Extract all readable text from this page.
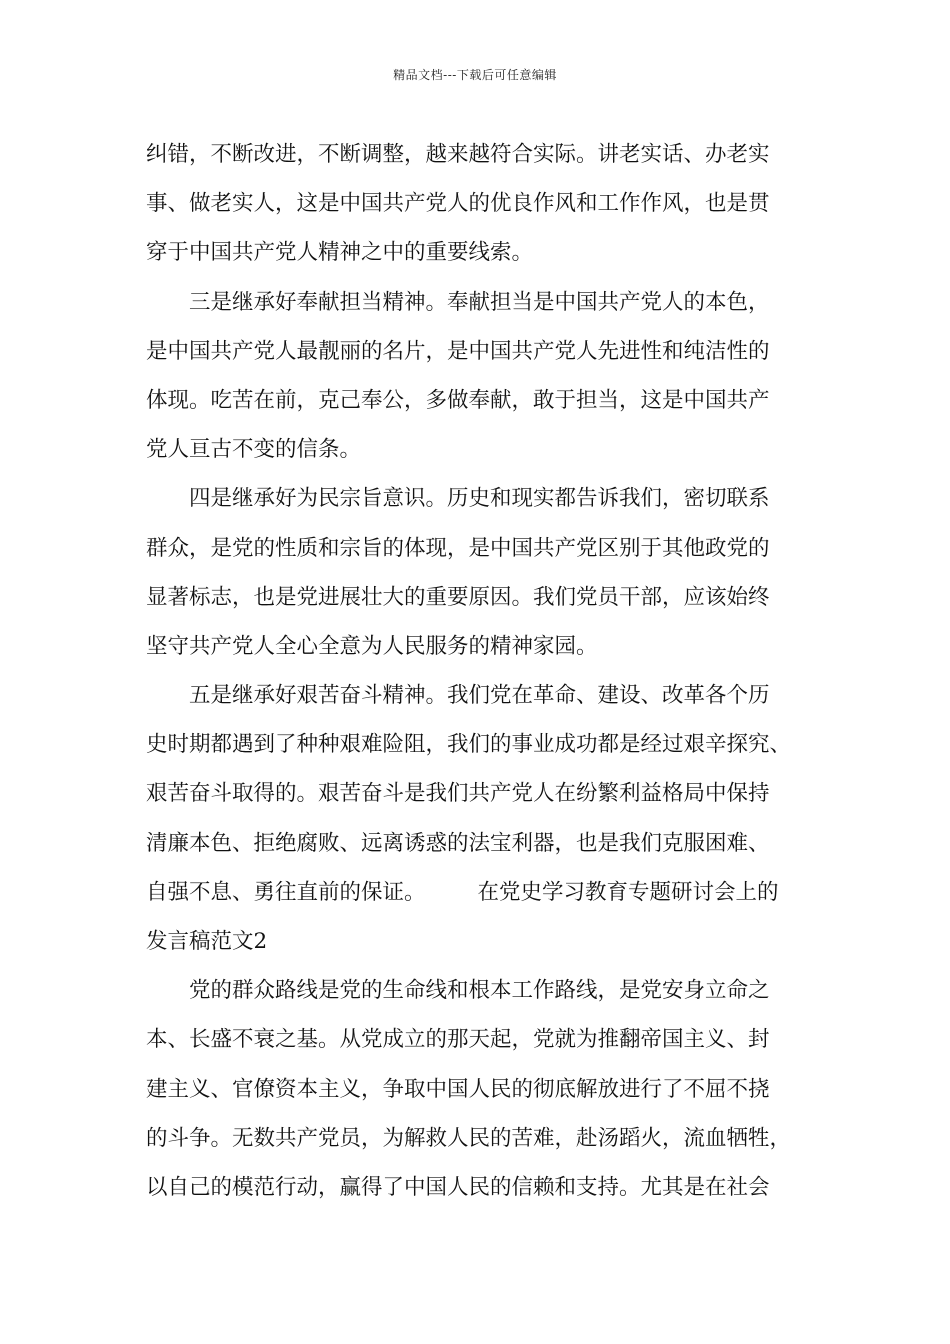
精品文档---下载后可任意编辑
纠错，不断改进，不断调整，越来越符合实际。讲老实话、办老实
事、做老实人，这是中国共产党人的优良作风和工作作风，也是贯
穿于中国共产党人精神之中的重要线索。
三是继承好奉献担当精神。奉献担当是中国共产党人的本色，
是中国共产党人最靓丽的名片，是中国共产党人先进性和纯洁性的
体现。吃苦在前，克己奉公，多做奉献，敢于担当，这是中国共产
党人亘古不变的信条。
四是继承好为民宗旨意识。历史和现实都告诉我们，密切联系
群众，是党的性质和宗旨的体现，是中国共产党区别于其他政党的
显著标志，也是党进展壮大的重要原因。我们党员干部，应该始终
坚守共产党人全心全意为人民服务的精神家园。
五是继承好艰苦奋斗精神。我们党在革命、建设、改革各个历
史时期都遇到了种种艰难险阻，我们的事业成功都是经过艰辛探究、
艰苦奋斗取得的。艰苦奋斗是我们共产党人在纷繁利益格局中保持
清廉本色、拒绝腐败、远离诱惑的法宝利器，也是我们克服困难、
自强不息、勇往直前的保证。 在党史学习教育专题研讨会上的
发言稿范文2
党的群众路线是党的生命线和根本工作路线，是党安身立命之
本、长盛不衰之基。从党成立的那天起，党就为推翻帝国主义、封
建主义、官僚资本主义，争取中国人民的彻底解放进行了不屈不挠
的斗争。无数共产党员，为解救人民的苦难，赴汤蹈火，流血牺牲，
以自己的模范行动，赢得了中国人民的信赖和支持。尤其是在社会
